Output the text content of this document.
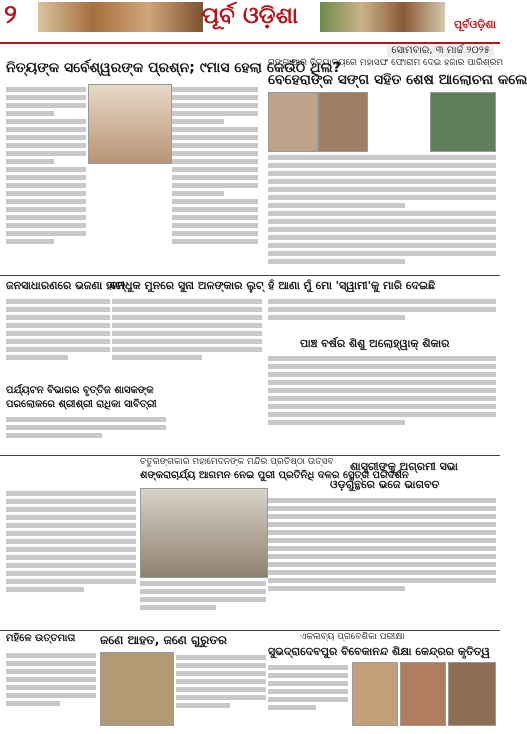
୨	ପୂର୍ବ ଓଡ଼ିଶା	ପୂର୍ବଓଡ଼ିଶା
ସୋମବାର, ୩ ମାର୍ଚ୍ଚ ୨୦୨୫
ନିତ୍ୟଙ୍କ ସର୍ବେଶ୍ୱରଙ୍କ ପ୍ରଶ୍ନ; ୯ମାସ ହେଲା କେଉଁଠି ଥିଲ?
ଗଙ୍ଗାପାର ବିଦ୍ୟାଳୟରେ ମହାସଙ୍ଘ ଫୋରାମ ଦେଇ ହଜାର ପାରିଶ୍ରମ
ବେହେରାଙ୍କ ସଙ୍ଗ ସହିତ ଶେଷ ଆଲୋଚନା କଲେ
ଜନସାଧାରଣରେ ଭଜଣା ହାଟୀ
ବନ୍ଧୁକ ମୁନରେ ସୁନା ଅଳଙ୍କାର ଲୁଟ୍ ହଁ ଆଣା ମୁଁ ମୋ 'ସ୍ୱାମୀ'କୁ ମାରି ଦେଇଛି
ପାଞ୍ଚ ବର୍ଷର ଶିଶୁ ଅଲୋହ୍ୱାକ୍ ଶିକାର
ପର୍ଯ୍ୟଟନ ବିଭାଗର ବୃତ୍ତିଜ ଶାସକଙ୍କ
ପରଲୋକରେ ଶ୍ରୀଶ୍ରୀ ରାଧିକା ସାବିତ୍ରୀ
ଚତୁରଙ୍ଗକାର ମହାମେଦନଙ୍କ ମନ୍ଦିର ପ୍ରତିଷ୍ଠା ଉତ୍ସବ
ଶଙ୍କରାଚାର୍ଯ୍ୟ ଆଗମନ ନେଇ ପୁରୀ ପ୍ରତିନିଧି ଦଳର ସ୍ଥେତ୍ର ପରିଦର୍ଶନ
ଶାସ୍ତ୍ରୀଙ୍କୁ ଅଗ୍ରମୀ ସଭା
ଓଡ଼ଗୁନ୍ଥରେ ଭଜେ ଭାଗବତ
ମହିଳେ ଉତ୍ତମାତା	ଜଣେ ଆହତ, ଜଣେ ଗୁରୁତର	ଏକଲବ୍ୟ ପ୍ରବେଶିକା ପରୀକ୍ଷା
ସୁଭଦ୍ରାଦେବପୁର ବିବେକାନନ୍ଦ ଶିକ୍ଷା କେନ୍ଦ୍ରର କୃତିତ୍ୱ
